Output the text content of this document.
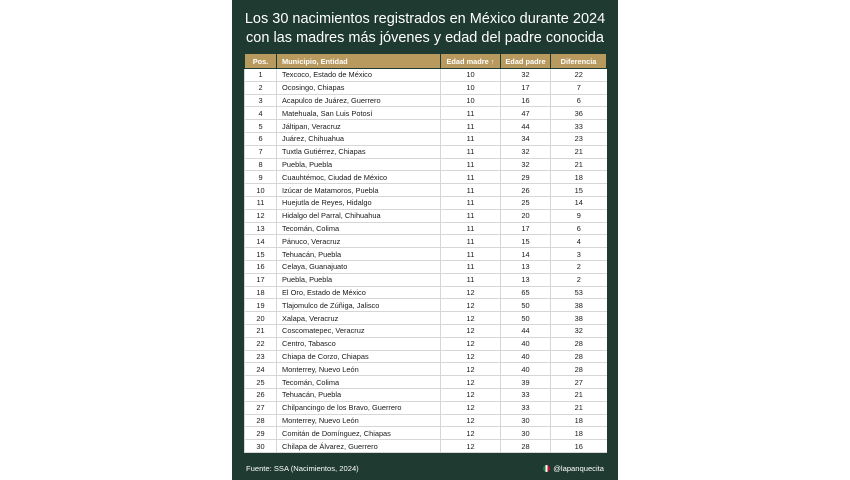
Los 30 nacimientos registrados en México durante 2024
con las madres más jóvenes y edad del padre conocida
Pos.	Municipio, Entidad	Edad madre ↑	Edad padre	Diferencia
1	Texcoco, Estado de México	10	32	22
2	Ocosingo, Chiapas	10	17	7
3	Acapulco de Juárez, Guerrero	10	16	6
4	Matehuala, San Luis Potosí	11	47	36
5	Jáltipan, Veracruz	11	44	33
6	Juárez, Chihuahua	11	34	23
7	Tuxtla Gutiérrez, Chiapas	11	32	21
8	Puebla, Puebla	11	32	21
9	Cuauhtémoc, Ciudad de México	11	29	18
10	Izúcar de Matamoros, Puebla	11	26	15
11	Huejutla de Reyes, Hidalgo	11	25	14
12	Hidalgo del Parral, Chihuahua	11	20	9
13	Tecomán, Colima	11	17	6
14	Pánuco, Veracruz	11	15	4
15	Tehuacán, Puebla	11	14	3
16	Celaya, Guanajuato	11	13	2
17	Puebla, Puebla	11	13	2
18	El Oro, Estado de México	12	65	53
19	Tlajomulco de Zúñiga, Jalisco	12	50	38
20	Xalapa, Veracruz	12	50	38
21	Coscomatepec, Veracruz	12	44	32
22	Centro, Tabasco	12	40	28
23	Chiapa de Corzo, Chiapas	12	40	28
24	Monterrey, Nuevo León	12	40	28
25	Tecomán, Colima	12	39	27
26	Tehuacán, Puebla	12	33	21
27	Chilpancingo de los Bravo, Guerrero	12	33	21
28	Monterrey, Nuevo León	12	30	18
29	Comitán de Domínguez, Chiapas	12	30	18
30	Chilapa de Álvarez, Guerrero	12	28	16
Fuente: SSA (Nacimientos, 2024)	@lapanquecita
